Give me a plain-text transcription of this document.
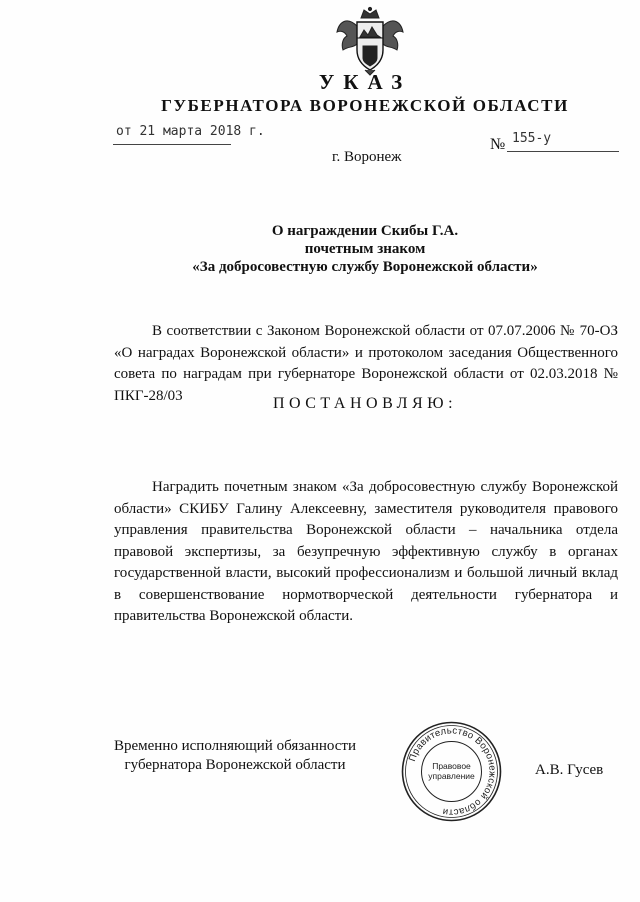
УКАЗ
ГУБЕРНАТОРА ВОРОНЕЖСКОЙ ОБЛАСТИ
от 21 марта 2018 г.
№ 155-у
г. Воронеж
О награждении Скибы Г.А.
почетным знаком
«За добросовестную службу Воронежской области»
В соответствии с Законом Воронежской области от 07.07.2006 № 70-ОЗ «О наградах Воронежской области» и протоколом заседания Общественного совета по наградам при губернаторе Воронежской области от 02.03.2018 № ПКГ-28/03	ПОСТАНОВЛЯЮ:
Наградить почетным знаком «За добросовестную службу Воронежской области» СКИБУ Галину Алексеевну, заместителя руководителя правового управления правительства Воронежской области – начальника отдела правовой экспертизы, за безупречную эффективную службу в органах государственной власти, высокий профессионализм и большой личный вклад в совершенствование нормотворческой деятельности губернатора и правительства Воронежской области.
Временно исполняющий обязанности
губернатора Воронежской области	Правительство Воронежской области
Правовое
управление	А.В. Гусев
